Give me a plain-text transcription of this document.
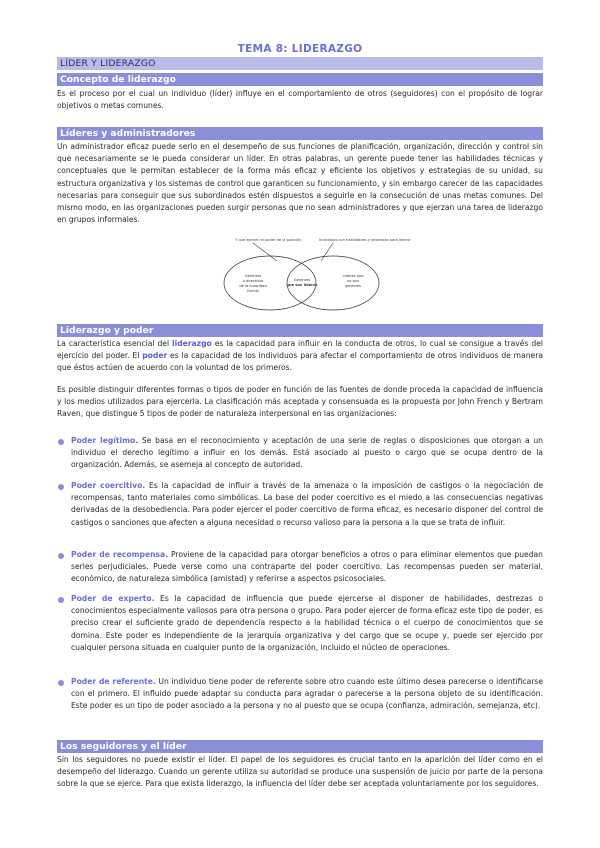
TEMA 8: LIDERAZGO
LÍDER Y LIDERAZGO
Concepto de liderazgo
Es el proceso por el cual un individuo (líder) influye en el comportamiento de otros (seguidores) con el propósito de lograr objetivos o metas comunes.
Líderes y administradores
Un administrador eficaz puede serlo en el desempeño de sus funciones de planificación, organización, dirección y control sin que necesariamente se le pueda considerar un líder. En otras palabras, un gerente puede tener las habilidades técnicas y conceptuales que le permitan establecer de la forma más eficaz y eficiente los objetivos y estrategias de su unidad, su estructura organizativa y los sistemas de control que garanticen su funcionamiento, y sin embargo carecer de las capacidades necesarias para conseguir que sus subordinados estén dispuestos a seguirle en la consecución de unas metas comunes. Del mismo modo, en las organizaciones pueden surgir personas que no sean administradores y que ejerzan una tarea de liderazgo en grupos informales.
Y que ejercen el poder de la posición	Individuos con habilidades y destrezas para liderar
Gerentes
o directivos
de la autoridad
formal
Gerentes
que son líderes
Líderes que
no son
gerentes
Liderazgo y poder
La característica esencial del liderazgo es la capacidad para influir en la conducta de otros, lo cual se consigue a través del ejercicio del poder. El poder es la capacidad de los individuos para afectar el comportamiento de otros individuos de manera que éstos actúen de acuerdo con la voluntad de los primeros.
Es posible distinguir diferentes formas o tipos de poder en función de las fuentes de donde proceda la capacidad de influencia y los medios utilizados para ejercerla. La clasificación más aceptada y consensuada es la propuesta por John French y Bertram Raven, que distingue 5 tipos de poder de naturaleza interpersonal en las organizaciones:
Poder legítimo. Se basa en el reconocimiento y aceptación de una serie de reglas o disposiciones que otorgan a un individuo el derecho legítimo a influir en los demás. Está asociado al puesto o cargo que se ocupa dentro de la organización. Además, se asemeja al concepto de autoridad.
Poder coercitivo. Es la capacidad de influir a través de la amenaza o la imposición de castigos o la negociación de recompensas, tanto materiales como simbólicas. La base del poder coercitivo es el miedo a las consecuencias negativas derivadas de la desobediencia. Para poder ejercer el poder coercitivo de forma eficaz, es necesario disponer del control de castigos o sanciones que afecten a alguna necesidad o recurso valioso para la persona a la que se trata de influir.
Poder de recompensa. Proviene de la capacidad para otorgar beneficios a otros o para eliminar elementos que puedan serles perjudiciales. Puede verse como una contraparte del poder coercitivo. Las recompensas pueden ser material, económico, de naturaleza simbólica (amistad) y referirse a aspectos psicosociales.
Poder de experto. Es la capacidad de influencia que puede ejercerse al disponer de habilidades, destrezas o conocimientos especialmente valiosos para otra persona o grupo. Para poder ejercer de forma eficaz este tipo de poder, es preciso crear el suficiente grado de dependencia respecto a la habilidad técnica o el cuerpo de conocimientos que se domina. Este poder es independiente de la jerarquía organizativa y del cargo que se ocupe y, puede ser ejercido por cualquier persona situada en cualquier punto de la organización, incluido el núcleo de operaciones.
Poder de referente. Un individuo tiene poder de referente sobre otro cuando este último desea parecerse o identificarse con el primero. El influido puede adaptar su conducta para agradar o parecerse a la persona objeto de su identificación. Este poder es un tipo de poder asociado a la persona y no al puesto que se ocupa (confianza, admiración, semejanza, etc).
Los seguidores y el líder
Sin los seguidores no puede existir el líder. El papel de los seguidores es crucial tanto en la aparición del líder como en el desempeño del liderazgo. Cuando un gerente utiliza su autoridad se produce una suspensión de juicio por parte de la persona sobre la que se ejerce. Para que exista liderazgo, la influencia del líder debe ser aceptada voluntariamente por los seguidores.
